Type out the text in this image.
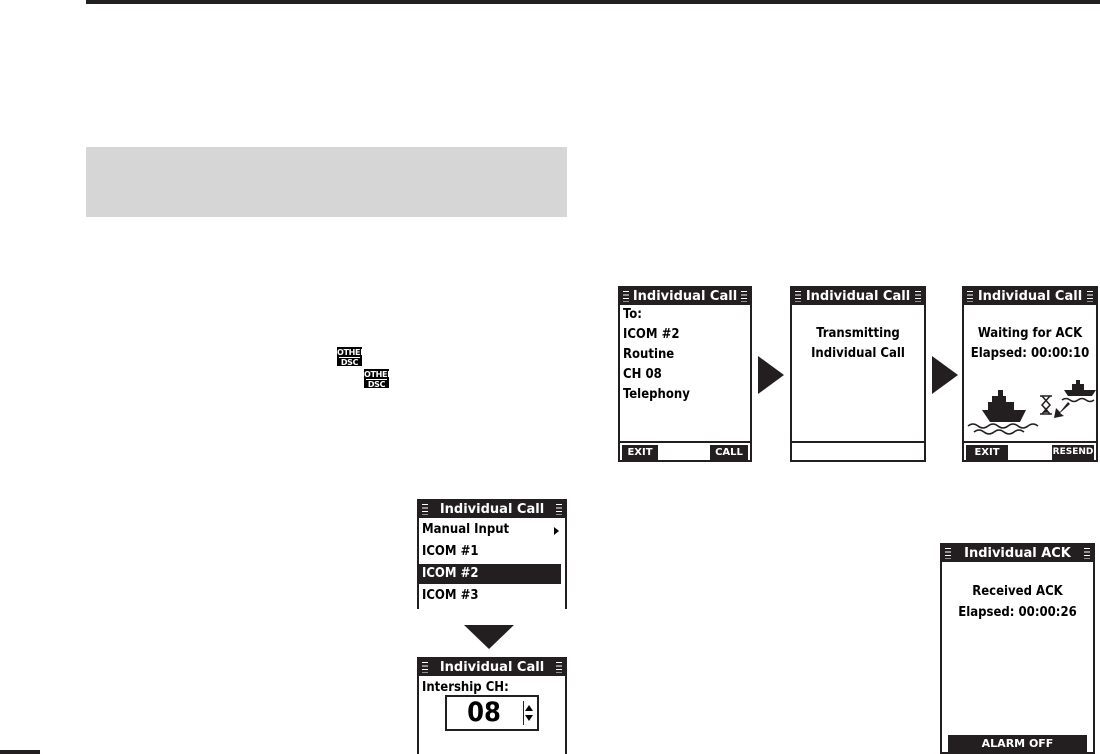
OTHER
DSC
OTHER
DSC
Individual Call
To:
ICOM #2
Routine
CH 08
Telephony
EXIT	CALL
Individual Call
Transmitting
Individual Call
Individual Call
Waiting for ACK
Elapsed: 00:00:10
EXIT	RESEND
Individual Call
Manual Input
ICOM #1
ICOM #2
ICOM #3
Individual Call
Intership CH:
08
Individual ACK
Received ACK
Elapsed: 00:00:26
ALARM OFF
